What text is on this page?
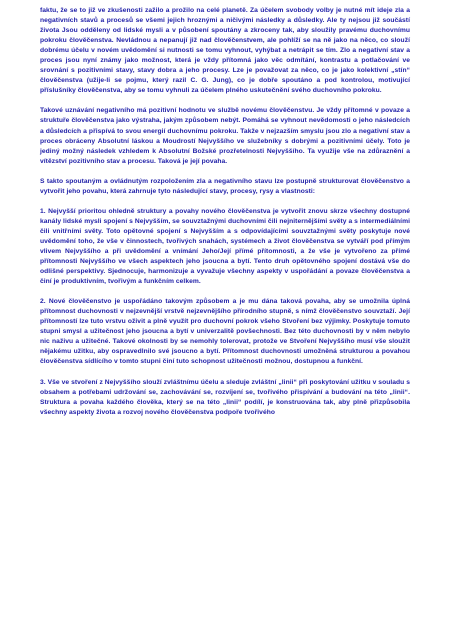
faktu, že se to již ve zkušenosti zažilo a prožilo na celé planetě. Za účelem svobody volby je nutné mít ideje zla a negativních stavů a procesů se všemi jejich hroznými a ničivými následky a důsledky. Ale ty nejsou již součástí života Jsou odděleny od lidské mysli a v působení spoutány a zkroceny tak, aby sloužily pravému duchovnímu pokroku člověčenstva. Nevládnou a nepanují již nad člověčenstvem, ale pohlíží se na ně jako na něco, co slouží dobrému účelu v novém uvědomění si nutnosti se tomu vyhnout, vyhýbat a netrápit se tím. Zlo a negativní stav a proces jsou nyní známy jako možnost, která je vždy přítomná jako věc odmítání, kontrastu a potlačování ve srovnání s pozitivními stavy, stavy dobra a jeho procesy. Lze je považovat za něco, co je jako kolektivní „stín“ člověčenstva (užije-li se pojmu, který razil C. G. Jung), co je dobře spoutáno a pod kontrolou, motivující příslušníky člověčenstva, aby se tomu vyhnuli za účelem plného uskutečnění svého duchovního pokroku.

Takové uznávání negativního má pozitivní hodnotu ve službě novému člověčenstvu. Je vždy přítomné v povaze a struktuře člověčenstva jako výstraha, jakým způsobem nebýt. Pomáhá se vyhnout nevědomosti o jeho následcích a důsledcích a přispívá to svou energií duchovnímu pokroku. Takže v nejzazším smyslu jsou zlo a negativní stav a proces obráceny Absolutní láskou a Moudrostí Nejvyššího ve služebníky s dobrými a pozitivními účely. Toto je jediný možný následek vzhledem k Absolutní Božské prozřetelnosti Nejvyššího. Ta využije vše na zdůraznění a vítězství pozitivního stav a procesu. Taková je její povaha.

S takto spoutaným a ovládnutým rozpoložením zla a negativního stavu lze postupně strukturovat člověčenstvo a vytvořit jeho povahu, která zahrnuje tyto následující stavy, procesy, rysy a vlastnosti:

1. Nejvyšší prioritou ohledně struktury a povahy nového člověčenstva je vytvořit znovu skrze všechny dostupné kanály lidské mysli spojení s Nejvyšším, se souvztažnými duchovními čili nejniternějšími světy a s intermediálními čili vnitřními světy. Toto opětovné spojení s Nejvyšším a s odpovídajícími souvztažnými světy poskytuje nové uvědomění toho, že vše v činnostech, tvořivých snahách, systémech a život člověčenstva se vytváří pod přímým vlivem Nejvyššího a při uvědomění a vnímání Jeho/Její přímé přítomnosti, a že vše je vytvořeno za přímé přítomnosti Nejvyššího ve všech aspektech jeho jsoucna a bytí. Tento druh opětovného spojení dostává vše do odlišné perspektivy. Sjednocuje, harmonizuje a vyvažuje všechny aspekty v uspořádání a povaze člověčenstva a činí je produktivním, tvořivým a funkčním celkem.

2. Nové člověčenstvo je uspořádáno takovým způsobem a je mu dána taková povaha, aby se umožnila úplná přítomnost duchovnosti v nejzevnější vrstvě nejzevnějšího přírodního stupně, s nímž člověčenstvo souvztaží. Její přítomností lze tuto vrstvu oživit a plně využít pro duchovní pokrok všeho Stvoření bez výjimky. Poskytuje tomuto stupni smysl a užitečnost jeho jsoucna a bytí v univerzalitě povšechnosti. Bez této duchovnosti by v něm nebylo nic naživu a užitečné. Takové okolnosti by se nemohly tolerovat, protože ve Stvoření Nejvyššího musí vše sloužit nějakému užitku, aby ospravedlnilo své jsoucno a bytí. Přítomnost duchovnosti umožněná strukturou a povahou člověčenstva sídlícího v tomto stupni činí tuto schopnost užitečnosti možnou, dostupnou a funkční.

3. Vše ve stvoření z Nejvyššího slouží zvláštnímu účelu a sleduje zvláštní „linii“ při poskytování užitku v souladu s obsahem a potřebami udržování se, zachovávání se, rozvíjení se, tvořivého přispívání a budování na této „linii“. Struktura a povaha každého člověka, který se na této „linii“ podílí, je konstruována tak, aby plně přizpůsobila všechny aspekty života a rozvoj nového člověčenstva podpoře tvořivého
